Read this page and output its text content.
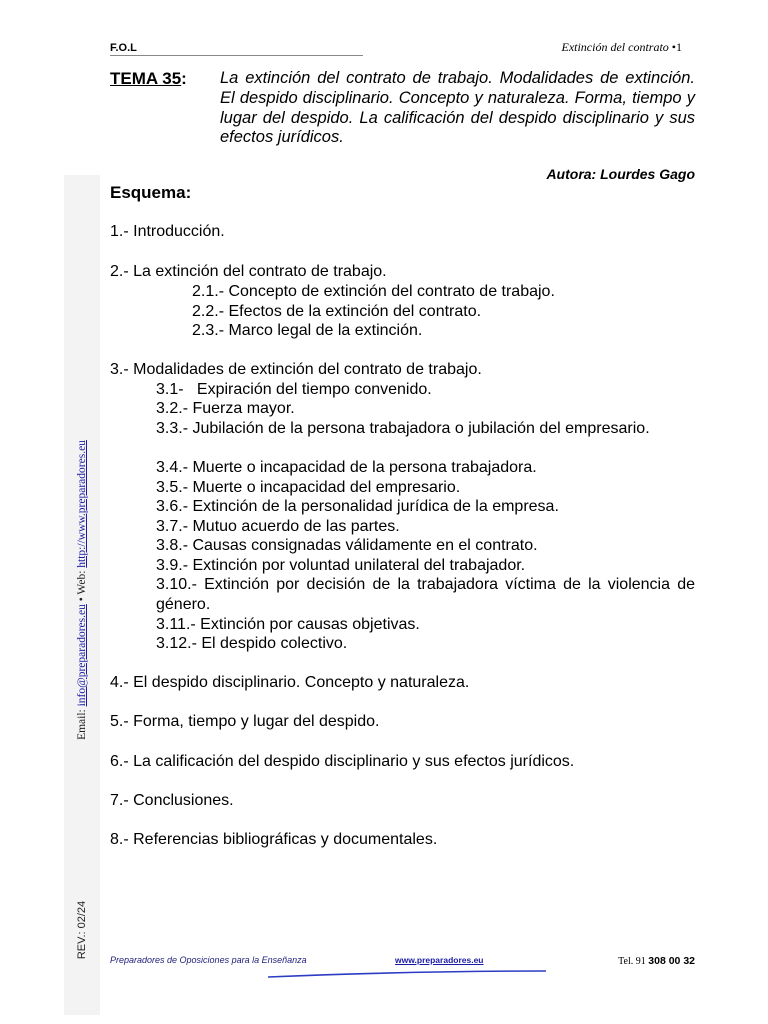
Email: info@preparadores.eu • Web: http://www.preparadores.eu
REV.: 02/24
F.O.L	Extinción del contrato •1
TEMA 35: La extinción del contrato de trabajo. Modalidades de extinción. El despido disciplinario. Concepto y naturaleza. Forma, tiempo y lugar del despido. La calificación del despido disciplinario y sus efectos jurídicos.
Autora: Lourdes Gago
Esquema:
1.- Introducción.
2.- La extinción del contrato de trabajo.
2.1.- Concepto de extinción del contrato de trabajo.
2.2.- Efectos de la extinción del contrato.
2.3.- Marco legal de la extinción.
3.- Modalidades de extinción del contrato de trabajo.
3.1-   Expiración del tiempo convenido.
3.2.- Fuerza mayor.
3.3.- Jubilación de la persona trabajadora o jubilación del empresario.
3.4.- Muerte o incapacidad de la persona trabajadora.
3.5.- Muerte o incapacidad del empresario.
3.6.- Extinción de la personalidad jurídica de la empresa.
3.7.- Mutuo acuerdo de las partes.
3.8.- Causas consignadas válidamente en el contrato.
3.9.- Extinción por voluntad unilateral del trabajador.
3.10.- Extinción por decisión de la trabajadora víctima de la violencia de género.
3.11.- Extinción por causas objetivas.
3.12.- El despido colectivo.
4.- El despido disciplinario. Concepto y naturaleza.
5.- Forma, tiempo y lugar del despido.
6.- La calificación del despido disciplinario y sus efectos jurídicos.
7.- Conclusiones.
8.- Referencias bibliográficas y documentales.
Preparadores de Oposiciones para la Enseñanza	www.preparadores.eu	Tel. 91 308 00 32
